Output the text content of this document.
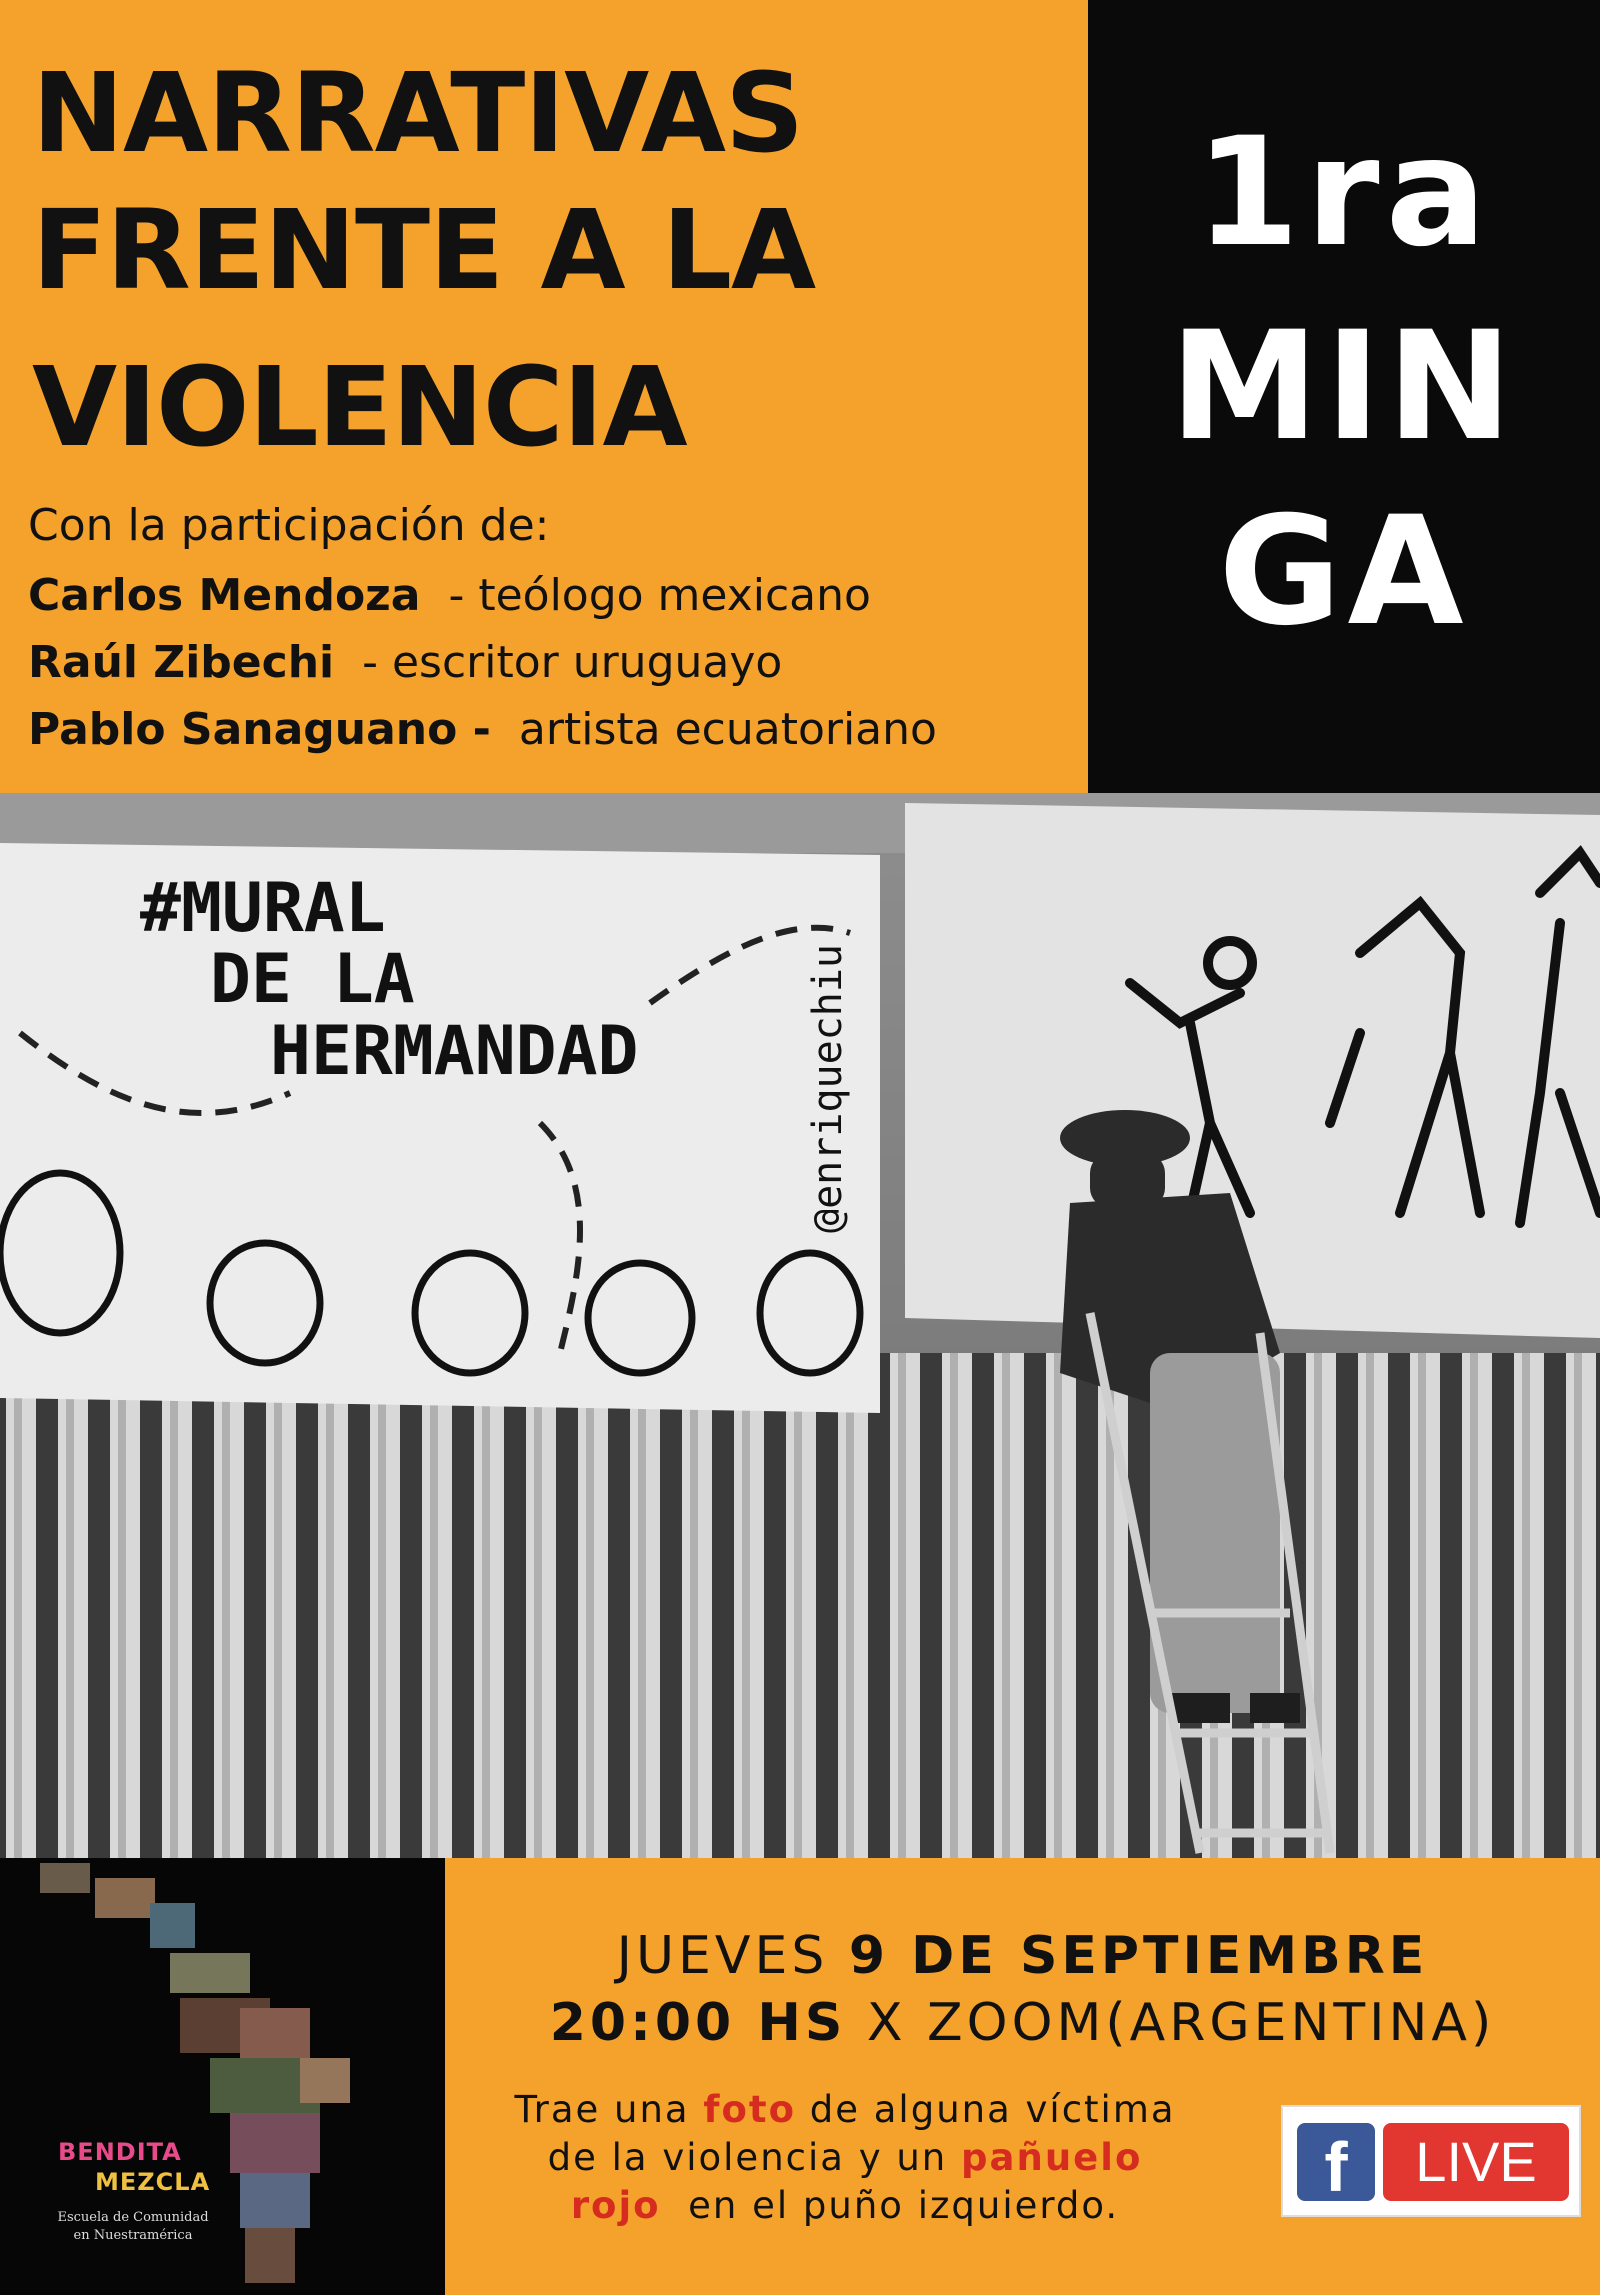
NARRATIVAS
FRENTE A LA
VIOLENCIA
Con la participación de:
Carlos Mendoza - teólogo mexicano
Raúl Zibechi - escritor uruguayo
Pablo Sanaguano - artista ecuatoriano
1ra
MIN
GA
#MURAL
DE LA
HERMANDAD	@enriquechiu
BENDITA
MEZCLA
Escuela de Comunidad
en Nuestramérica
JUEVES 9 DE SEPTIEMBRE
20:00 HS X ZOOM(ARGENTINA)
Trae una foto de alguna víctima
de la violencia y un pañuelo
rojo en el puño izquierdo.	f	LIVE
